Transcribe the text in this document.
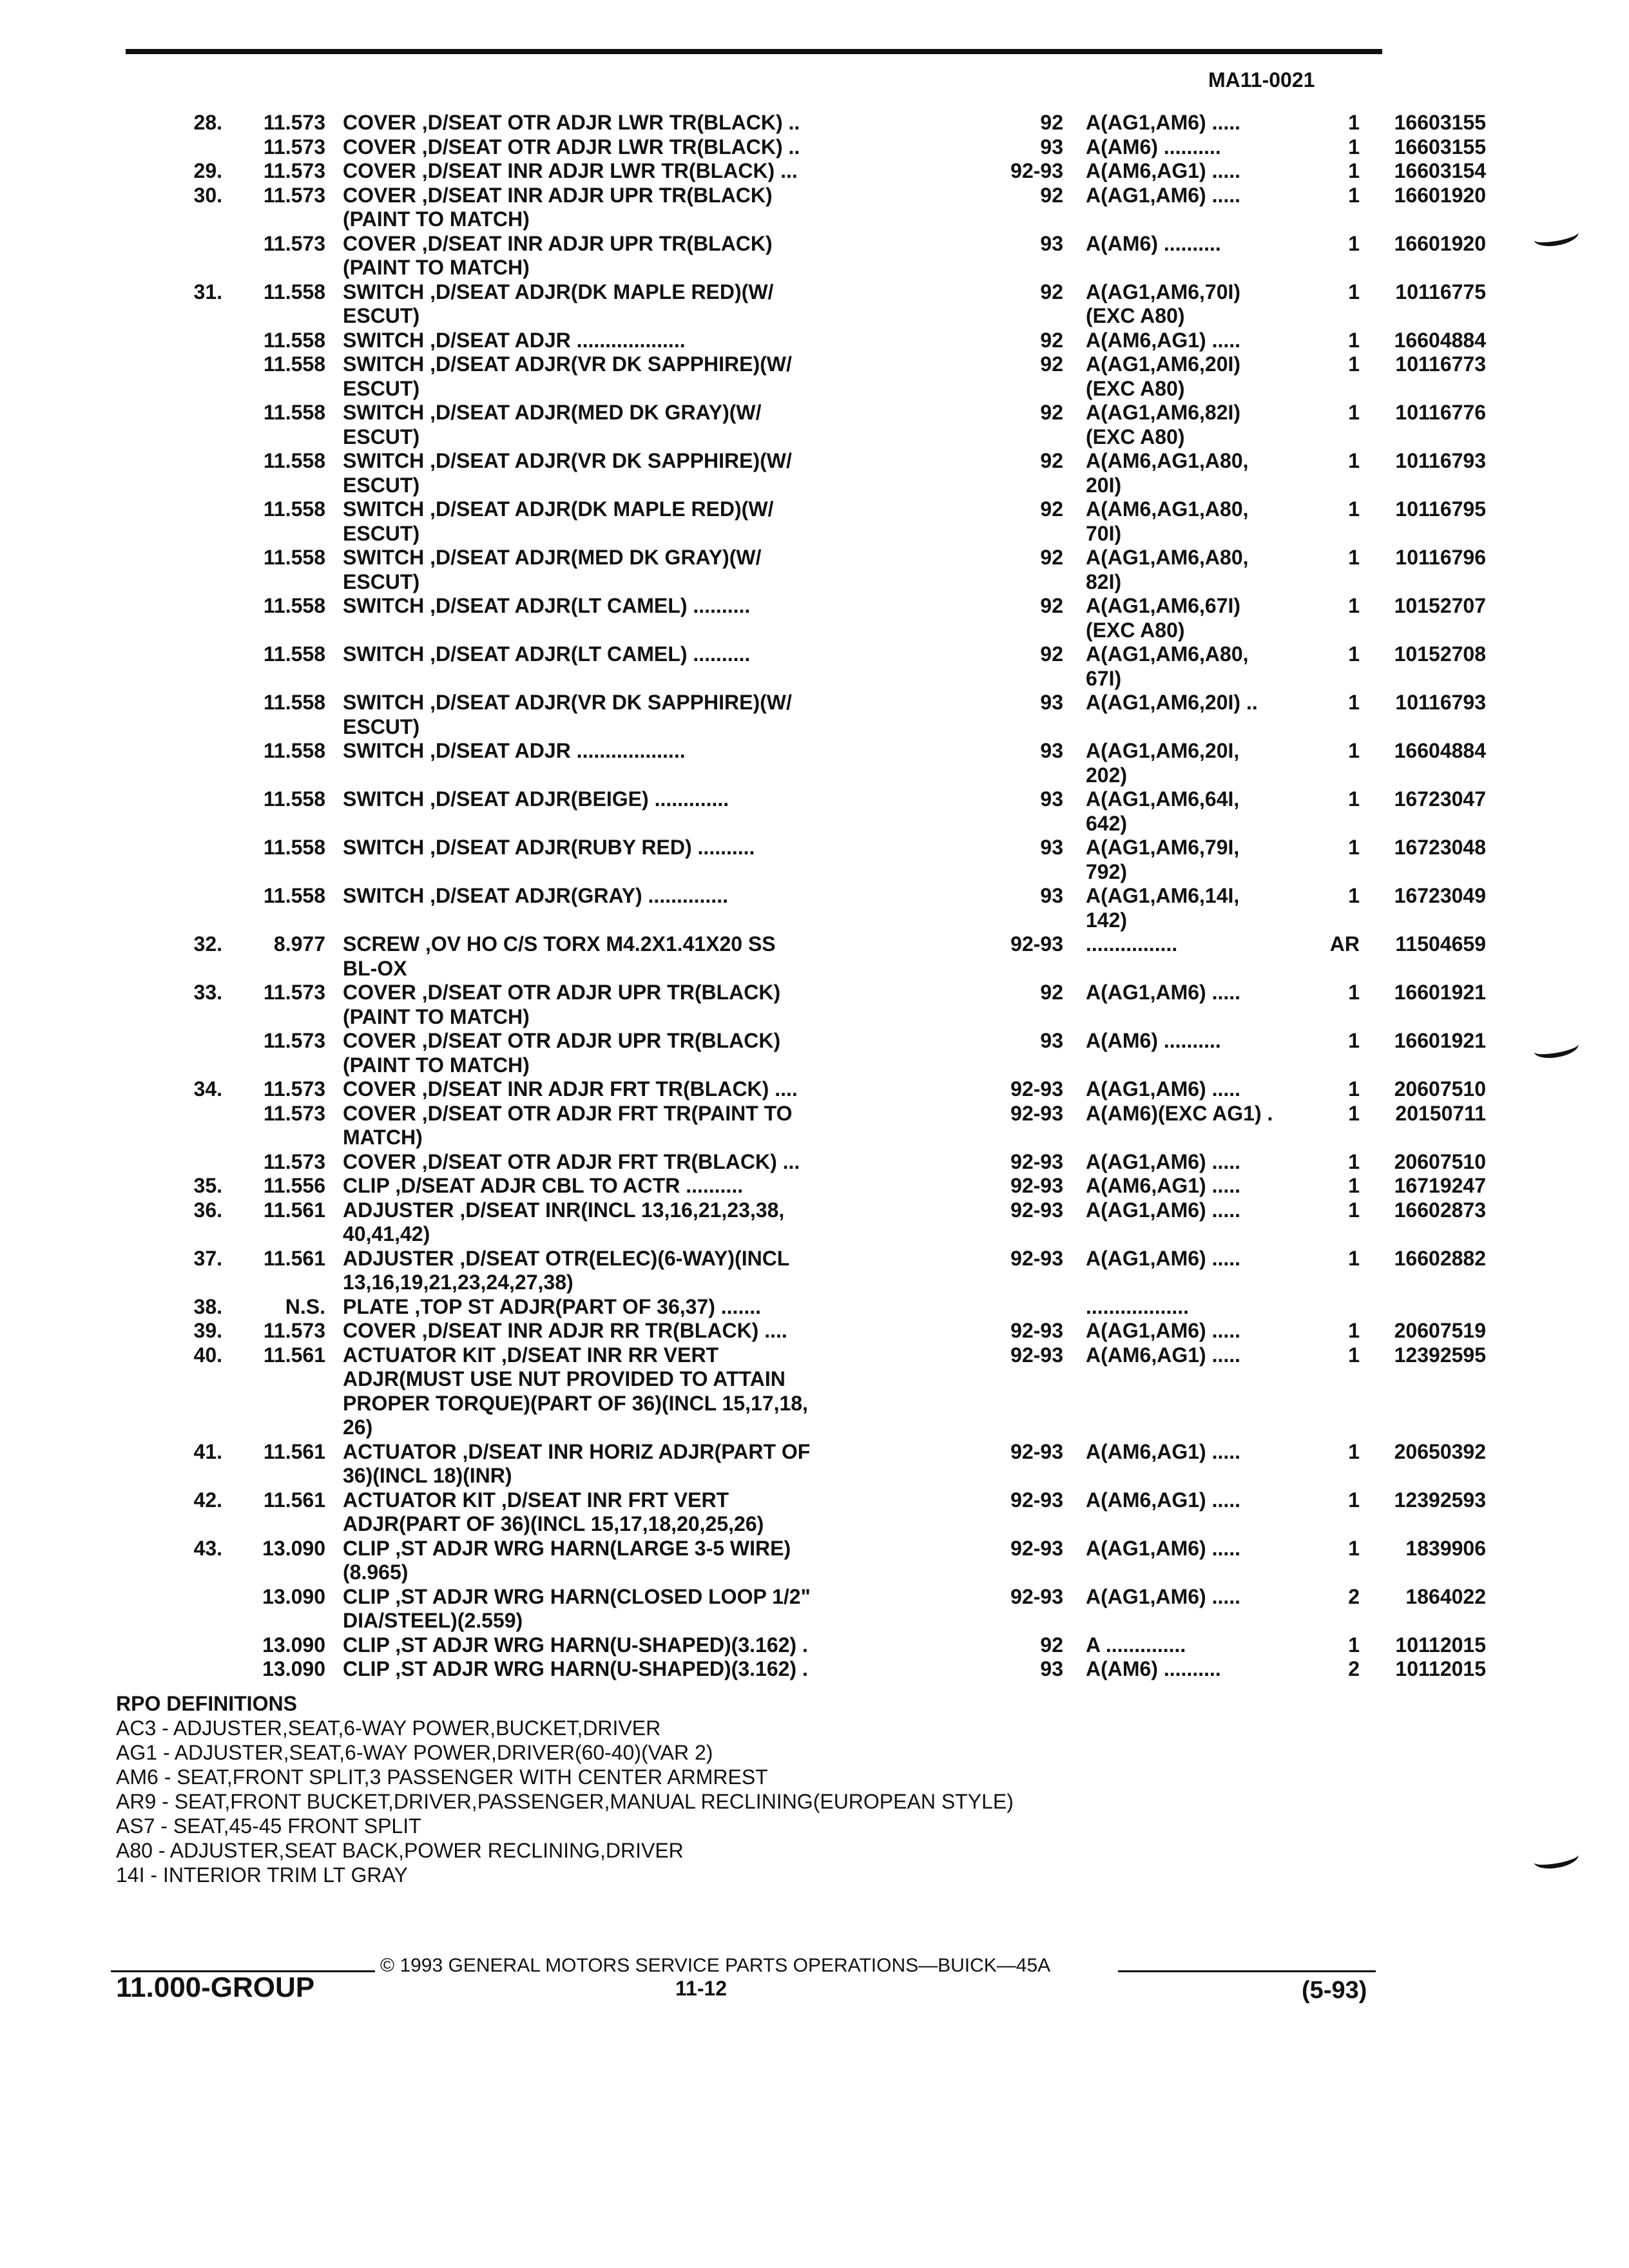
MA11-0021
28.	11.573 COVER ,D/SEAT OTR ADJR LWR TR(BLACK) ..	92 A(AG1,AM6) .....	1	16603155
11.573 COVER ,D/SEAT OTR ADJR LWR TR(BLACK) ..	93 A(AM6) ..........	1	16603155
29.	11.573 COVER ,D/SEAT INR ADJR LWR TR(BLACK) ...	92-93 A(AM6,AG1) .....	1	16603154
30.	11.573 COVER ,D/SEAT INR ADJR UPR TR(BLACK)	92 A(AG1,AM6) .....	1	16601920
(PAINT TO MATCH)
11.573 COVER ,D/SEAT INR ADJR UPR TR(BLACK)	93 A(AM6) ..........	1	16601920
(PAINT TO MATCH)
31.	11.558 SWITCH ,D/SEAT ADJR(DK MAPLE RED)(W/	92 A(AG1,AM6,70I)	1	10116775
ESCUT)	(EXC A80)
11.558 SWITCH ,D/SEAT ADJR ...................	92 A(AM6,AG1) .....	1	16604884
11.558 SWITCH ,D/SEAT ADJR(VR DK SAPPHIRE)(W/	92 A(AG1,AM6,20I)	1	10116773
ESCUT)	(EXC A80)
11.558 SWITCH ,D/SEAT ADJR(MED DK GRAY)(W/	92 A(AG1,AM6,82I)	1	10116776
ESCUT)	(EXC A80)
11.558 SWITCH ,D/SEAT ADJR(VR DK SAPPHIRE)(W/	92 A(AM6,AG1,A80,	1	10116793
ESCUT)	20I)
11.558 SWITCH ,D/SEAT ADJR(DK MAPLE RED)(W/	92 A(AM6,AG1,A80,	1	10116795
ESCUT)	70I)
11.558 SWITCH ,D/SEAT ADJR(MED DK GRAY)(W/	92 A(AG1,AM6,A80,	1	10116796
ESCUT)	82I)
11.558 SWITCH ,D/SEAT ADJR(LT CAMEL) ..........	92 A(AG1,AM6,67I)	1	10152707
(EXC A80)
11.558 SWITCH ,D/SEAT ADJR(LT CAMEL) ..........	92 A(AG1,AM6,A80,	1	10152708
67I)
11.558 SWITCH ,D/SEAT ADJR(VR DK SAPPHIRE)(W/	93 A(AG1,AM6,20I) ..	1	10116793
ESCUT)
11.558 SWITCH ,D/SEAT ADJR ...................	93 A(AG1,AM6,20I,	1	16604884
202)
11.558 SWITCH ,D/SEAT ADJR(BEIGE) .............	93 A(AG1,AM6,64I,	1	16723047
642)
11.558 SWITCH ,D/SEAT ADJR(RUBY RED) ..........	93 A(AG1,AM6,79I,	1	16723048
792)
11.558 SWITCH ,D/SEAT ADJR(GRAY) ..............	93 A(AG1,AM6,14I,	1	16723049
142)
32.	8.977 SCREW ,OV HO C/S TORX M4.2X1.41X20 SS	92-93 ................	AR	11504659
BL-OX
33.	11.573 COVER ,D/SEAT OTR ADJR UPR TR(BLACK)	92 A(AG1,AM6) .....	1	16601921
(PAINT TO MATCH)
11.573 COVER ,D/SEAT OTR ADJR UPR TR(BLACK)	93 A(AM6) ..........	1	16601921
(PAINT TO MATCH)
34.	11.573 COVER ,D/SEAT INR ADJR FRT TR(BLACK) ....	92-93 A(AG1,AM6) .....	1	20607510
11.573 COVER ,D/SEAT OTR ADJR FRT TR(PAINT TO	92-93 A(AM6)(EXC AG1) .	1	20150711
MATCH)
11.573 COVER ,D/SEAT OTR ADJR FRT TR(BLACK) ...	92-93 A(AG1,AM6) .....	1	20607510
35.	11.556 CLIP ,D/SEAT ADJR CBL TO ACTR ..........	92-93 A(AM6,AG1) .....	1	16719247
36.	11.561 ADJUSTER ,D/SEAT INR(INCL 13,16,21,23,38,	92-93 A(AG1,AM6) .....	1	16602873
40,41,42)
37.	11.561 ADJUSTER ,D/SEAT OTR(ELEC)(6-WAY)(INCL	92-93 A(AG1,AM6) .....	1	16602882
13,16,19,21,23,24,27,38)
38.	N.S. PLATE ,TOP ST ADJR(PART OF 36,37) .......	..................
39.	11.573 COVER ,D/SEAT INR ADJR RR TR(BLACK) ....	92-93 A(AG1,AM6) .....	1	20607519
40.	11.561 ACTUATOR KIT ,D/SEAT INR RR VERT	92-93 A(AM6,AG1) .....	1	12392595
ADJR(MUST USE NUT PROVIDED TO ATTAIN
PROPER TORQUE)(PART OF 36)(INCL 15,17,18,
26)
41.	11.561 ACTUATOR ,D/SEAT INR HORIZ ADJR(PART OF	92-93 A(AM6,AG1) .....	1	20650392
36)(INCL 18)(INR)
42.	11.561 ACTUATOR KIT ,D/SEAT INR FRT VERT	92-93 A(AM6,AG1) .....	1	12392593
ADJR(PART OF 36)(INCL 15,17,18,20,25,26)
43.	13.090 CLIP ,ST ADJR WRG HARN(LARGE 3-5 WIRE)	92-93 A(AG1,AM6) .....	1	1839906
(8.965)
13.090 CLIP ,ST ADJR WRG HARN(CLOSED LOOP 1/2"	92-93 A(AG1,AM6) .....	2	1864022
DIA/STEEL)(2.559)
13.090 CLIP ,ST ADJR WRG HARN(U-SHAPED)(3.162) .	92 A ..............	1	10112015
13.090 CLIP ,ST ADJR WRG HARN(U-SHAPED)(3.162) .	93 A(AM6) ..........	2	10112015
RPO DEFINITIONS
AC3 - ADJUSTER,SEAT,6-WAY POWER,BUCKET,DRIVER
AG1 - ADJUSTER,SEAT,6-WAY POWER,DRIVER(60-40)(VAR 2)
AM6 - SEAT,FRONT SPLIT,3 PASSENGER WITH CENTER ARMREST
AR9 - SEAT,FRONT BUCKET,DRIVER,PASSENGER,MANUAL RECLINING(EUROPEAN STYLE)
AS7 - SEAT,45-45 FRONT SPLIT
A80 - ADJUSTER,SEAT BACK,POWER RECLINING,DRIVER
14I - INTERIOR TRIM LT GRAY
© 1993 GENERAL MOTORS SERVICE PARTS OPERATIONS—BUICK—45A
11.000-GROUP	11-12	(5-93)
